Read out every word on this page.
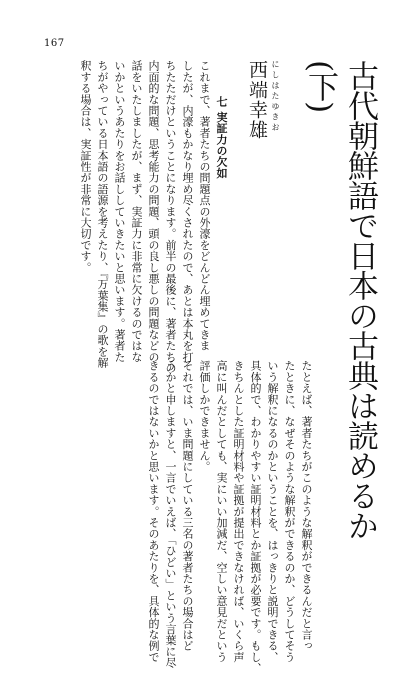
167
古代朝鮮語で日本の古典は読めるか(下)
にしはたゆきお
西端幸雄
七 実証力の欠如
これまで、著者たちの問題点の外濠をどんどん埋めてきま
したが、内濠もかなり埋め尽くされたので、あとは本丸を打
ちたただけということになります。前半の最後に、著者たちの
内面的な問題、思考能力の問題、頭の良し悪しの問題などの
話をいたしましたが、まず、実証力に非常に欠けるのではな
いかというあたりをお話ししていきたいと思います。著者た
ちがやっている日本語の語源を考えたり、『万葉集』の歌を解
釈する場合は、実証性が非常に大切です。
たとえば、著者たちがこのような解釈ができるんだと言っ
たときに、なぜそのような解釈ができるのか、どうしてそう
いう解釈になるのかということを、はっきりと説明できる、
具体的で、わかりやすい証明材料とか証拠が必要です。もし、
きちんとした証明材料や証拠が提出できなければ、いくら声
高に叫んだとしても、実にいい加減だ、空しい意見だという
評価しかできません。
それでは、いま問題にしている三名の著者たちの場合はど
うかと申しますと、一言でいえば、「ひどい」という言葉に尽
きるのではないかと思います。そのあたりを、具体的な例で
